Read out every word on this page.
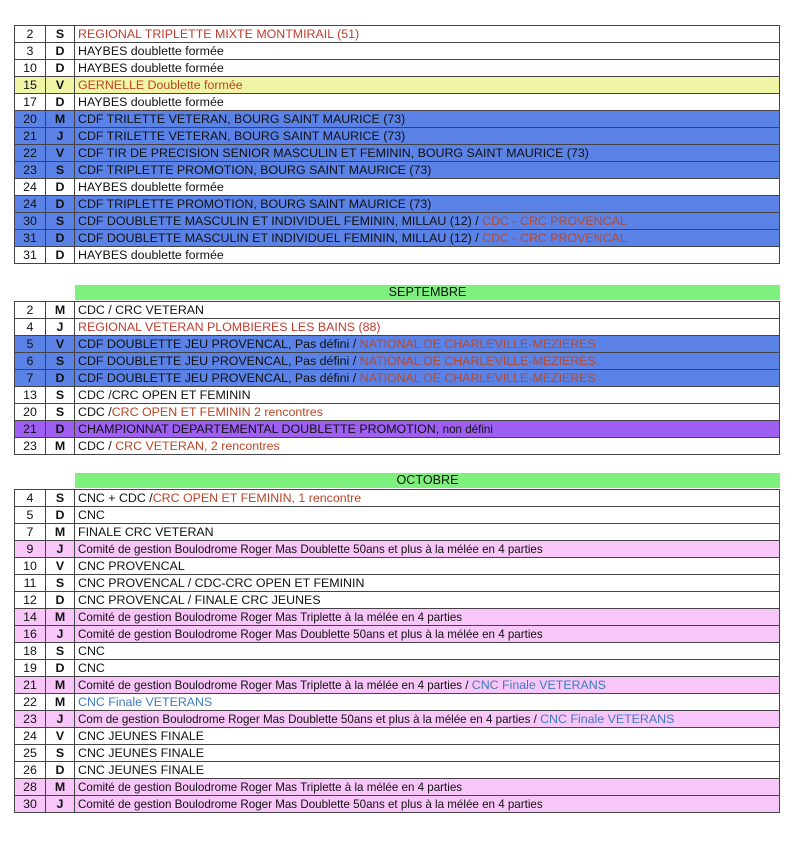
2	S	REGIONAL TRIPLETTE MIXTE MONTMIRAIL (51)
3	D	HAYBES doublette formée
10	D	HAYBES doublette formée
15	V	GERNELLE Doublette formée
17	D	HAYBES doublette formée
20	M	CDF TRILETTE VETERAN, BOURG SAINT MAURICE (73)
21	J	CDF TRILETTE VETERAN, BOURG SAINT MAURICE (73)
22	V	CDF TIR DE PRECISION SENIOR MASCULIN ET FEMININ, BOURG SAINT MAURICE (73)
23	S	CDF TRIPLETTE PROMOTION, BOURG SAINT MAURICE (73)
24	D	HAYBES doublette formée
24	D	CDF TRIPLETTE PROMOTION, BOURG SAINT MAURICE (73)
30	S	CDF DOUBLETTE MASCULIN ET INDIVIDUEL FEMININ, MILLAU (12) / CDC - CRC PROVENCAL
31	D	CDF DOUBLETTE MASCULIN ET INDIVIDUEL FEMININ, MILLAU (12) / CDC - CRC PROVENCAL
31	D	HAYBES doublette formée
SEPTEMBRE
2	M	CDC / CRC VETERAN
4	J	REGIONAL VETERAN PLOMBIERES LES BAINS (88)
5	V	CDF DOUBLETTE JEU PROVENCAL, Pas défini / NATIONAL DE CHARLEVILLE-MEZIERES
6	S	CDF DOUBLETTE JEU PROVENCAL, Pas défini / NATIONAL DE CHARLEVILLE-MEZIERES
7	D	CDF DOUBLETTE JEU PROVENCAL, Pas défini / NATIONAL DE CHARLEVILLE-MEZIERES
13	S	CDC /CRC OPEN ET FEMININ
20	S	CDC /CRC OPEN ET FEMININ 2 rencontres
21	D	CHAMPIONNAT DEPARTEMENTAL DOUBLETTE PROMOTION, non défini
23	M	CDC / CRC VETERAN, 2 rencontres
OCTOBRE
4	S	CNC + CDC /CRC OPEN ET FEMININ, 1 rencontre
5	D	CNC
7	M	FINALE CRC VETERAN
9	J	Comité de gestion Boulodrome Roger Mas Doublette 50ans et plus à la mélée en 4 parties
10	V	CNC PROVENCAL
11	S	CNC PROVENCAL / CDC-CRC OPEN ET FEMININ
12	D	CNC PROVENCAL / FINALE CRC JEUNES
14	M	Comité de gestion Boulodrome Roger Mas Triplette à la mélée en 4 parties
16	J	Comité de gestion Boulodrome Roger Mas Doublette 50ans et plus à la mélée en 4 parties
18	S	CNC
19	D	CNC
21	M	Comité de gestion Boulodrome Roger Mas Triplette à la mélée en 4 parties / CNC Finale VETERANS
22	M	CNC Finale VETERANS
23	J	Com de gestion Boulodrome Roger Mas Doublette 50ans et plus à la mélée en 4 parties / CNC Finale VETERANS
24	V	CNC JEUNES FINALE
25	S	CNC JEUNES FINALE
26	D	CNC JEUNES FINALE
28	M	Comité de gestion Boulodrome Roger Mas Triplette à la mélée en 4 parties
30	J	Comité de gestion Boulodrome Roger Mas Doublette 50ans et plus à la mélée en 4 parties
